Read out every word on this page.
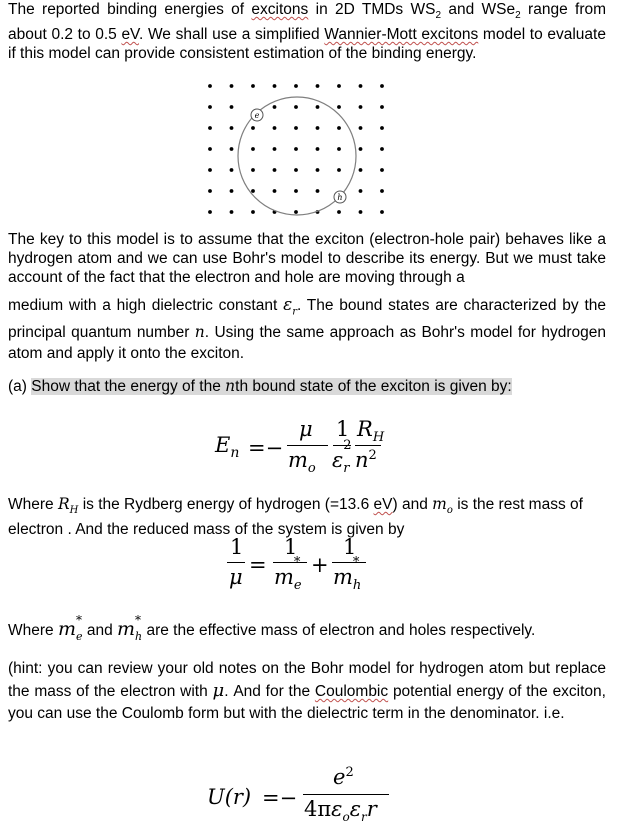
The reported binding energies of excitons in 2D TMDs $WS_2$ and WSe$_2$ range from about 0.2 to 0.5 eV. We shall use a simplified Wannier-Mott excitons model to evaluate if this model can provide consistent estimation of the binding energy.
e
h
The key to this model is to assume that the exciton (electron-hole pair) behaves like a hydrogen atom and we can use Bohr's model to describe its energy. But we must take account of the fact that the electron and hole are moving through a
medium with a high dielectric constant $\varepsilon_r$. The bound states are characterized by the principal quantum number n. Using the same approach as Bohr's model for hydrogen atom and apply it onto the exciton.
(a) Show that the energy of the nth bound state of the exciton is given by:
$E_n$ =−
μ
$m_o$
1
ε
2
$_r$
$R_H$
$n^2$
Where $R_H$ is the Rydberg energy of hydrogen (=13.6 eV) and $m_o$ is the rest mass of electron . And the reduced mass of the system is given by
1
μ =
1
m
*
$_e$
+
1
m
*
$_h$
Where m *
$_e$ and m *
$_h$ are the effective mass of electron and holes respectively.
(hint: you can review your old notes on the Bohr model for hydrogen atom but replace the mass of the electron with μ. And for the Coulombic potential energy of the exciton, you can use the Coulomb form but with the dielectric term in the denominator. i.e.
U(r) =−
$e^2$
$4\pi\varepsilon_o\varepsilon_rr$
